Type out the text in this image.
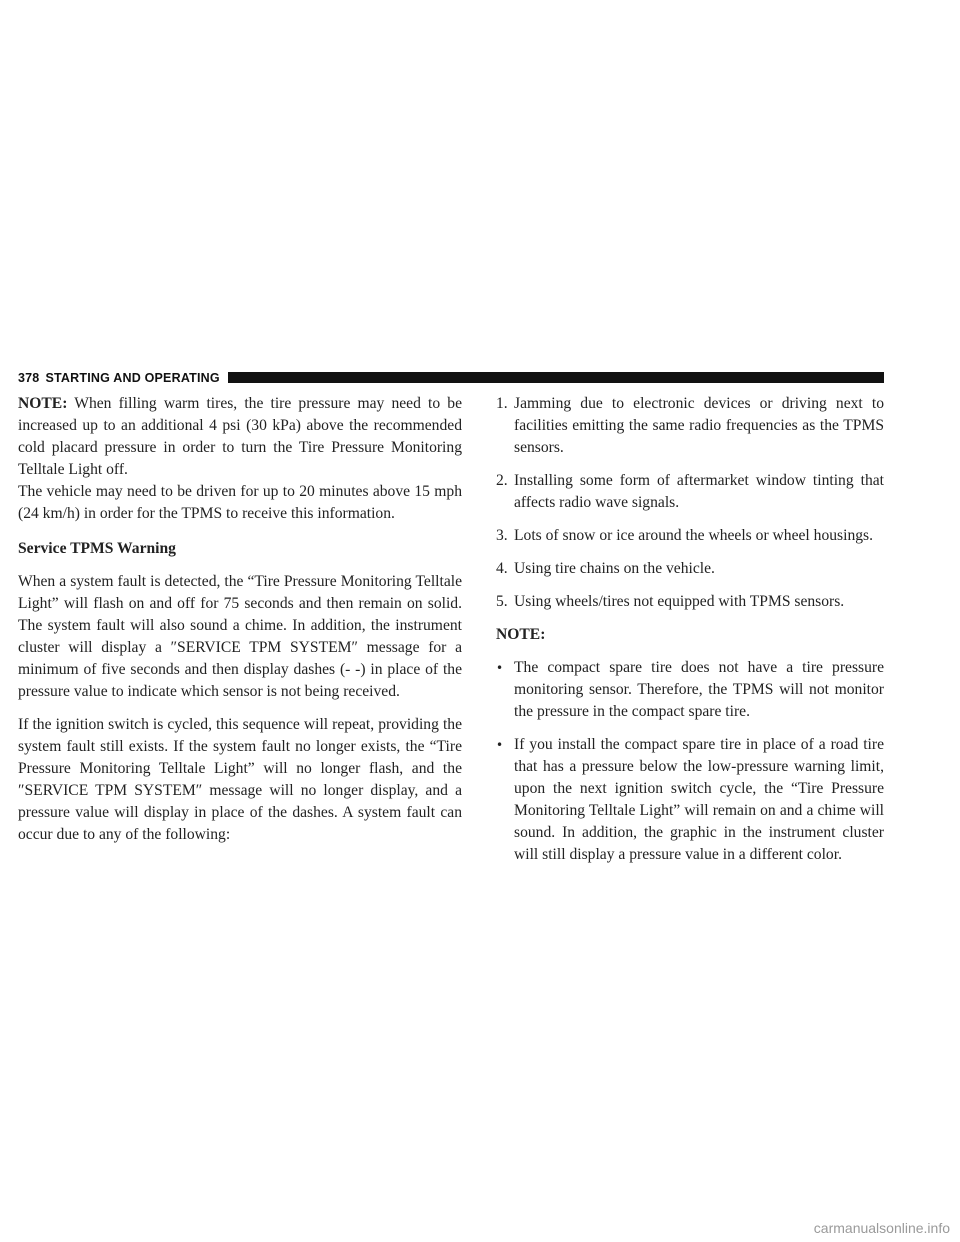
378 STARTING AND OPERATING

NOTE: When filling warm tires, the tire pressure may need to be increased up to an additional 4 psi (30 kPa) above the recommended cold placard pressure in order to turn the Tire Pressure Monitoring Telltale Light off.

The vehicle may need to be driven for up to 20 minutes above 15 mph (24 km/h) in order for the TPMS to receive this information.

Service TPMS Warning

When a system fault is detected, the “Tire Pressure Monitoring Telltale Light” will flash on and off for 75 seconds and then remain on solid. The system fault will also sound a chime. In addition, the instrument cluster will display a ″SERVICE TPM SYSTEM″ message for a minimum of five seconds and then display dashes (- -) in place of the pressure value to indicate which sensor is not being received.

If the ignition switch is cycled, this sequence will repeat, providing the system fault still exists. If the system fault no longer exists, the “Tire Pressure Monitoring Telltale Light” will no longer flash, and the ″SERVICE TPM SYSTEM″ message will no longer display, and a pressure value will display in place of the dashes. A system fault can occur due to any of the following:

1. Jamming due to electronic devices or driving next to facilities emitting the same radio frequencies as the TPMS sensors.
2. Installing some form of aftermarket window tinting that affects radio wave signals.
3. Lots of snow or ice around the wheels or wheel housings.
4. Using tire chains on the vehicle.
5. Using wheels/tires not equipped with TPMS sensors.

NOTE:

• The compact spare tire does not have a tire pressure monitoring sensor. Therefore, the TPMS will not monitor the pressure in the compact spare tire.
• If you install the compact spare tire in place of a road tire that has a pressure below the low-pressure warning limit, upon the next ignition switch cycle, the “Tire Pressure Monitoring Telltale Light” will remain on and a chime will sound. In addition, the graphic in the instrument cluster will still display a pressure value in a different color.
carmanualsonline.info
